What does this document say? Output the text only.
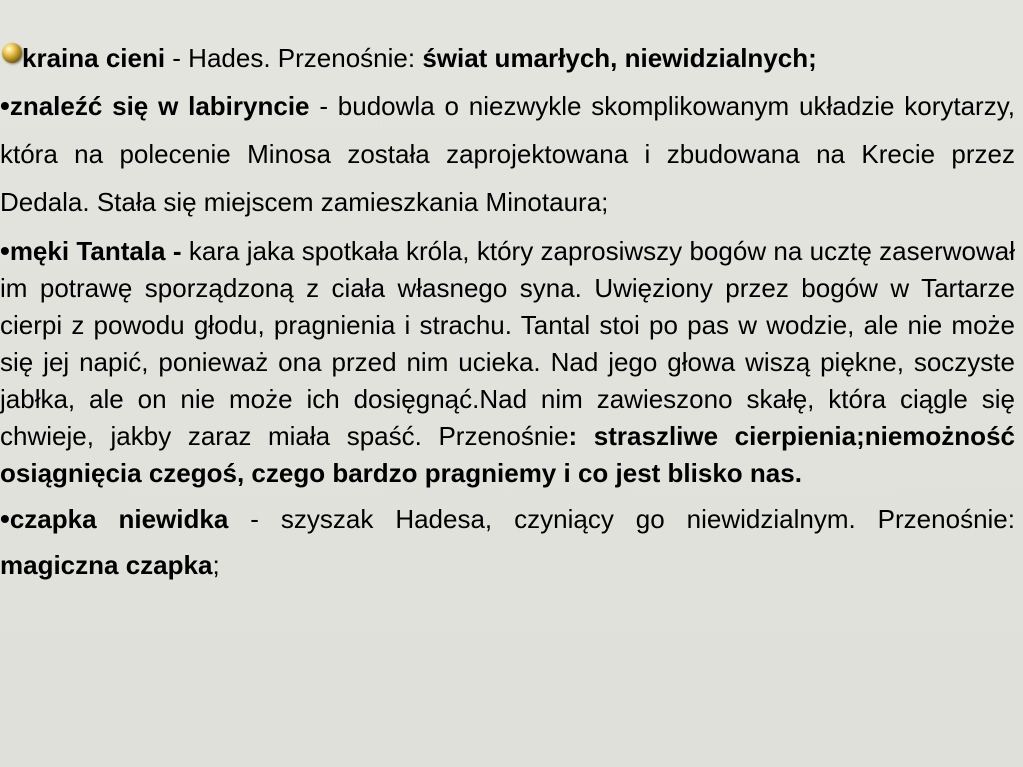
kraina cieni - Hades. Przenośnie: świat umarłych, niewidzialnych;

•znaleźć się w labiryncie - budowla o niezwykle skomplikowanym układzie korytarzy, która na polecenie Minosa została zaprojektowana i zbudowana na Krecie przez Dedala. Stała się miejscem zamieszkania Minotaura;

•męki Tantala - kara jaka spotkała króla, który zaprosiwszy bogów na ucztę zaserwował im potrawę sporządzoną z ciała własnego syna. Uwięziony przez bogów w Tartarze cierpi z powodu głodu, pragnienia i strachu. Tantal stoi po pas w wodzie, ale nie może się jej napić, ponieważ ona przed nim ucieka. Nad jego głowa wiszą piękne, soczyste jabłka, ale on nie może ich dosięgnąć.Nad nim zawieszono skałę, która ciągle się chwieje, jakby zaraz miała spaść. Przenośnie: straszliwe cierpienia;niemożność osiągnięcia czegoś, czego bardzo pragniemy i co jest blisko nas.

•czapka niewidka - szyszak Hadesa, czyniący go niewidzialnym. Przenośnie: magiczna czapka;
